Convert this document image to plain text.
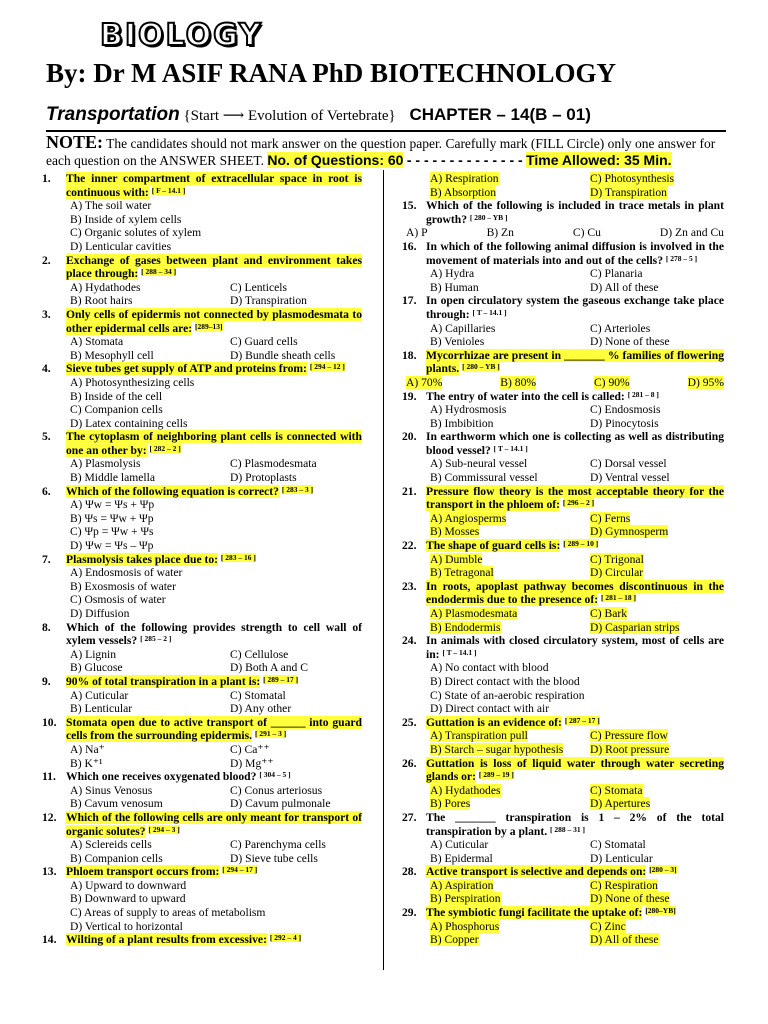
BIOLOGY
By: Dr M ASIF RANA PhD BIOTECHNOLOGY
Transportation {Start ⟶ Evolution of Vertebrate} CHAPTER – 14(B – 01)
NOTE: The candidates should not mark answer on the question paper. Carefully mark (FILL Circle) only one answer for each question on the ANSWER SHEET. No. of Questions: 60 - - - - - - - - - - - - - - Time Allowed: 35 Min.
1.	The inner compartment of extracellular space in root is continuous with: [ F – 14.1 ]
A) The soil water
B) Inside of xylem cells
C) Organic solutes of xylem
D) Lenticular cavities
2.	Exchange of gases between plant and environment takes place through: [ 288 – 34 ]
A) Hydathodes	C) Lenticels
B) Root hairs	D) Transpiration
3.	Only cells of epidermis not connected by plasmodesmata to other epidermal cells are: [289–13]
A) Stomata	C) Guard cells
B) Mesophyll cell	D) Bundle sheath cells
4.	Sieve tubes get supply of ATP and proteins from: [ 294 – 12 ]
A) Photosynthesizing cells
B) Inside of the cell
C) Companion cells
D) Latex containing cells
5.	The cytoplasm of neighboring plant cells is connected with one an other by: [ 282 – 2 ]
A) Plasmolysis	C) Plasmodesmata
B) Middle lamella	D) Protoplasts
6.	Which of the following equation is correct? [ 283 – 3 ]
A) Ψw = Ψs + Ψp
B) Ψs = Ψw + Ψp
C) Ψp = Ψw + Ψs
D) Ψw = Ψs – Ψp
7.	Plasmolysis takes place due to: [ 283 – 16 ]
A) Endosmosis of water
B) Exosmosis of water
C) Osmosis of water
D) Diffusion
8.	Which of the following provides strength to cell wall of xylem vessels? [ 285 – 2 ]
A) Lignin	C) Cellulose
B) Glucose	D) Both A and C
9.	90% of total transpiration in a plant is: [ 289 – 17 ]
A) Cuticular	C) Stomatal
B) Lenticular	D) Any other
10. Stomata open due to active transport of ______ into guard cells from the surrounding epidermis. [ 291 – 3 ]
A) Na⁺	C) Ca⁺⁺
B) K⁺¹	D) Mg⁺⁺
11. Which one receives oxygenated blood? [ 304 – 5 ]
A) Sinus Venosus	C) Conus arteriosus
B) Cavum venosum	D) Cavum pulmonale
12. Which of the following cells are only meant for transport of organic solutes? [ 294 – 3 ]
A) Sclereids cells	C) Parenchyma cells
B) Companion cells	D) Sieve tube cells
13. Phloem transport occurs from: [ 294 – 17 ]
A) Upward to downward
B) Downward to upward
C) Areas of supply to areas of metabolism
D) Vertical to horizontal
14. Wilting of a plant results from excessive: [ 292 – 4 ]
A) Respiration	C) Photosynthesis
B) Absorption	D) Transpiration
15. Which of the following is included in trace metals in plant growth? [ 280 – YB ]
A) P	B) Zn	C) Cu	D) Zn and Cu
16. In which of the following animal diffusion is involved in the movement of materials into and out of the cells? [ 278 – 5 ]
A) Hydra	C) Planaria
B) Human	D) All of these
17. In open circulatory system the gaseous exchange take place through: [ T – 14.1 ]
A) Capillaries	C) Arterioles
B) Venioles	D) None of these
18. Mycorrhizae are present in _______ % families of flowering plants. [ 280 – YB ]
A) 70%	B) 80%	C) 90%	D) 95%
19. The entry of water into the cell is called: [ 281 – 8 ]
A) Hydrosmosis	C) Endosmosis
B) Imbibition	D) Pinocytosis
20. In earthworm which one is collecting as well as distributing blood vessel? [ T – 14.1 ]
A) Sub-neural vessel	C) Dorsal vessel
B) Commissural vessel	D) Ventral vessel
21. Pressure flow theory is the most acceptable theory for the transport in the phloem of: [ 296 – 2 ]
A) Angiosperms	C) Ferns
B) Mosses	D) Gymnosperm
22. The shape of guard cells is: [ 289 – 10 ]
A) Dumble	C) Trigonal
B) Tetragonal	D) Circular
23. In roots, apoplast pathway becomes discontinuous in the endodermis due to the presence of: [ 281 – 18 ]
A) Plasmodesmata	C) Bark
B) Endodermis	D) Casparian strips
24. In animals with closed circulatory system, most of cells are in: [ T – 14.1 ]
A) No contact with blood
B) Direct contact with the blood
C) State of an-aerobic respiration
D) Direct contact with air
25. Guttation is an evidence of: [ 287 – 17 ]
A) Transpiration pull	C) Pressure flow
B) Starch – sugar hypothesis	D) Root pressure
26. Guttation is loss of liquid water through water secreting glands or: [ 289 – 19 ]
A) Hydathodes	C) Stomata
B) Pores	D) Apertures
27. The _______ transpiration is 1 – 2% of the total transpiration by a plant. [ 288 – 31 ]
A) Cuticular	C) Stomatal
B) Epidermal	D) Lenticular
28. Active transport is selective and depends on: [280 – 3]
A) Aspiration	C) Respiration
B) Perspiration	D) None of these
29. The symbiotic fungi facilitate the uptake of: [280–YB]
A) Phosphorus	C) Zinc
B) Copper	D) All of these
